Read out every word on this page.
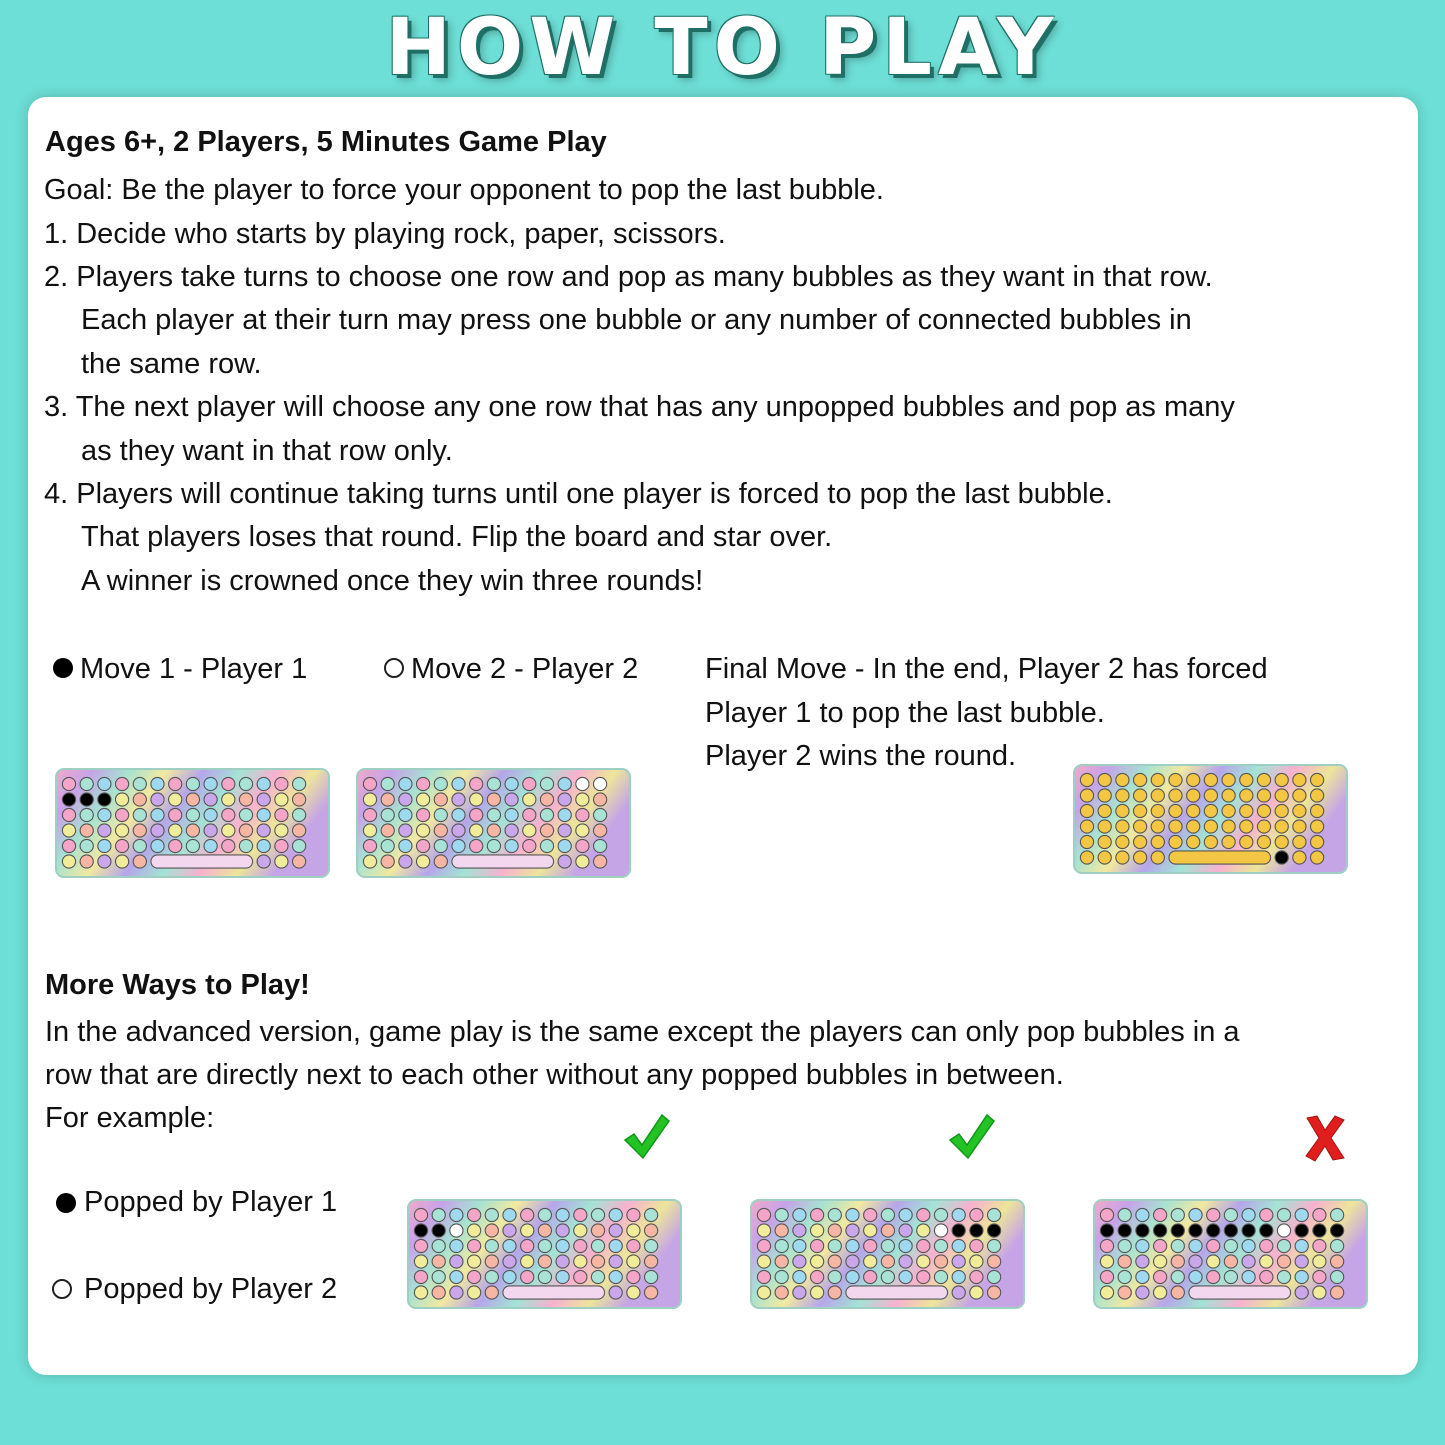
HOW TO PLAY
Ages 6+, 2 Players, 5 Minutes Game Play
Goal: Be the player to force your opponent to pop the last bubble.
1. Decide who starts by playing rock, paper, scissors.
2. Players take turns to choose one row and pop as many bubbles as they want in that row.
Each player at their turn may press one bubble or any number of connected bubbles in
the same row.
3. The next player will choose any one row that has any unpopped bubbles and pop as many
as they want in that row only.
4. Players will continue taking turns until one player is forced to pop the last bubble.
That players loses that round. Flip the board and star over.
A winner is crowned once they win three rounds!
Move 1 - Player 1	Move 2 - Player 2 Final Move - In the end, Player 2 has forced
Player 1 to pop the last bubble.
Player 2 wins the round.
More Ways to Play!
In the advanced version, game play is the same except the players can only pop bubbles in a
row that are directly next to each other without any popped bubbles in between.
For example:
Popped by Player 1
Popped by Player 2
